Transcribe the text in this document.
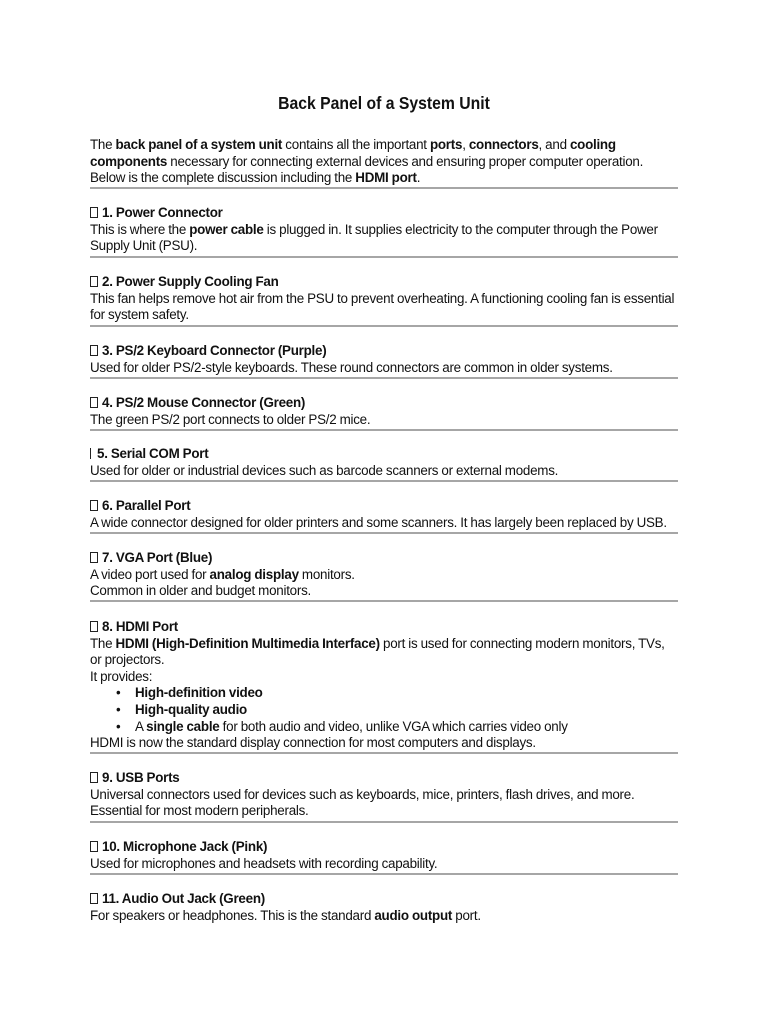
Back Panel of a System Unit

The back panel of a system unit contains all the important ports, connectors, and cooling components necessary for connecting external devices and ensuring proper computer operation. Below is the complete discussion including the HDMI port.

1. Power Connector

This is where the power cable is plugged in. It supplies electricity to the computer through the Power Supply Unit (PSU).

2. Power Supply Cooling Fan

This fan helps remove hot air from the PSU to prevent overheating. A functioning cooling fan is essential for system safety.

3. PS/2 Keyboard Connector (Purple)

Used for older PS/2-style keyboards. These round connectors are common in older systems.

4. PS/2 Mouse Connector (Green)

The green PS/2 port connects to older PS/2 mice.

5. Serial COM Port

Used for older or industrial devices such as barcode scanners or external modems.

6. Parallel Port

A wide connector designed for older printers and some scanners. It has largely been replaced by USB.

7. VGA Port (Blue)

A video port used for analog display monitors.

Common in older and budget monitors.

8. HDMI Port

The HDMI (High-Definition Multimedia Interface) port is used for connecting modern monitors, TVs, or projectors.

It provides:

• High-definition video
• High-quality audio
• A single cable for both audio and video, unlike VGA which carries video only

HDMI is now the standard display connection for most computers and displays.

9. USB Ports

Universal connectors used for devices such as keyboards, mice, printers, flash drives, and more. Essential for most modern peripherals.

10. Microphone Jack (Pink)

Used for microphones and headsets with recording capability.

11. Audio Out Jack (Green)

For speakers or headphones. This is the standard audio output port.
